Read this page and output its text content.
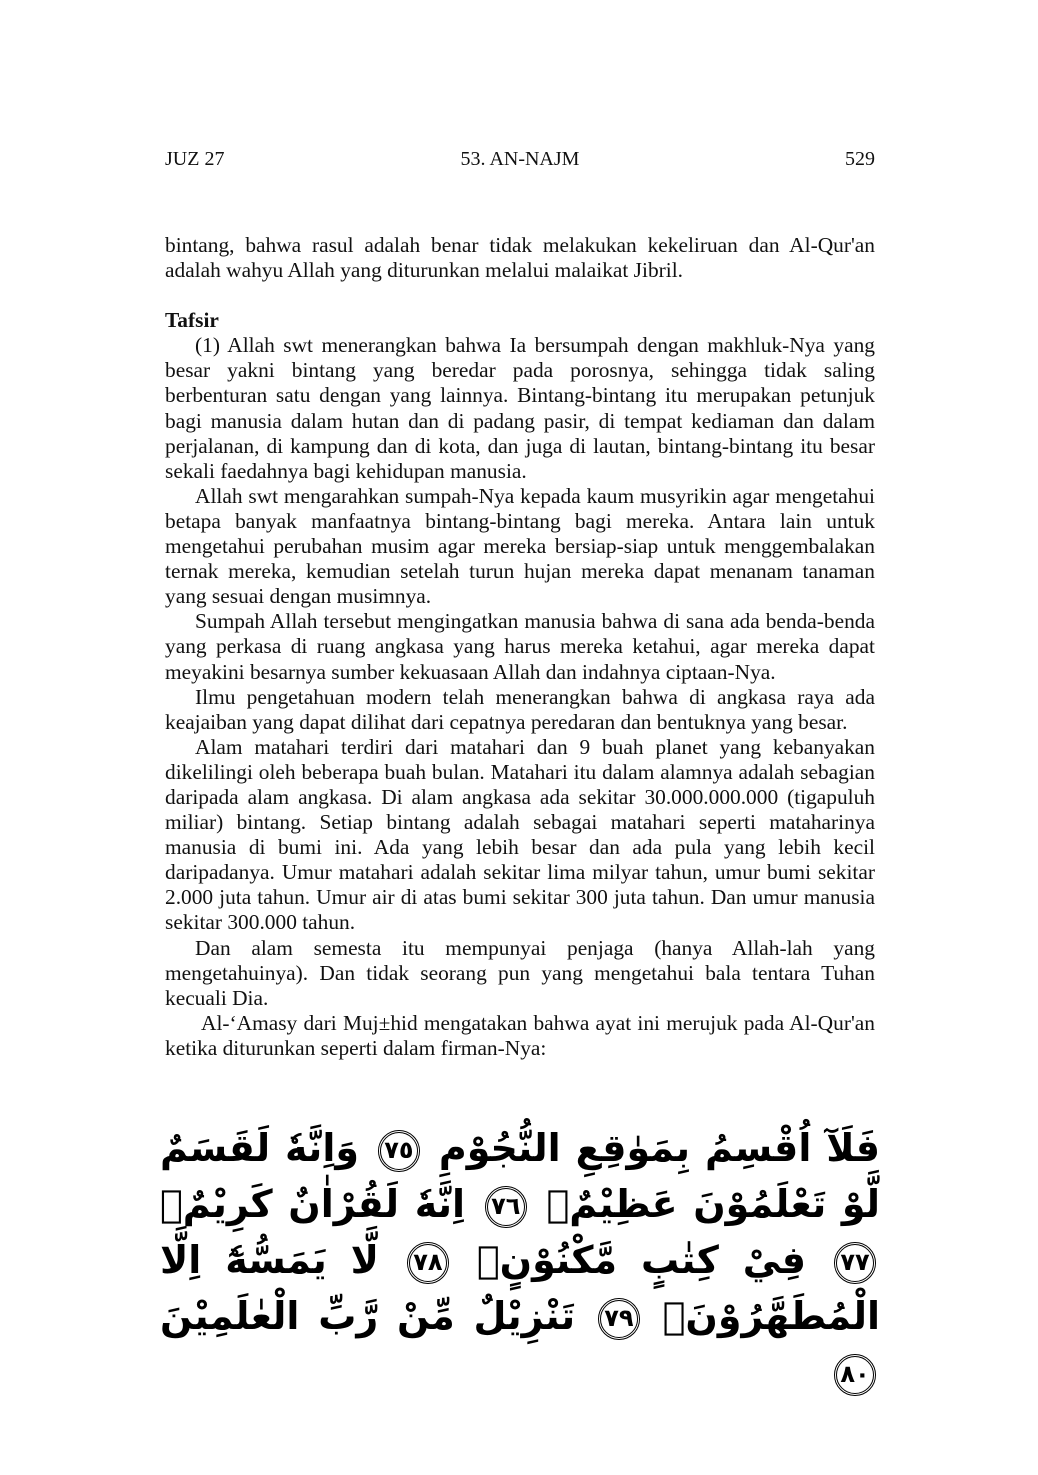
JUZ 27	53. AN-NAJM	529

bintang, bahwa rasul adalah benar tidak melakukan kekeliruan dan Al-Qur'an adalah wahyu Allah yang diturunkan melalui malaikat Jibril.

Tafsir

(1) Allah swt menerangkan bahwa Ia bersumpah dengan makhluk-Nya yang besar yakni bintang yang beredar pada porosnya, sehingga tidak saling berbenturan satu dengan yang lainnya. Bintang-bintang itu merupakan petunjuk bagi manusia dalam hutan dan di padang pasir, di tempat kediaman dan dalam perjalanan, di kampung dan di kota, dan juga di lautan, bintang-bintang itu besar sekali faedahnya bagi kehidupan manusia.

Allah swt mengarahkan sumpah-Nya kepada kaum musyrikin agar mengetahui betapa banyak manfaatnya bintang-bintang bagi mereka. Antara lain untuk mengetahui perubahan musim agar mereka bersiap-siap untuk menggembalakan ternak mereka, kemudian setelah turun hujan mereka dapat menanam tanaman yang sesuai dengan musimnya.

Sumpah Allah tersebut mengingatkan manusia bahwa di sana ada benda-benda yang perkasa di ruang angkasa yang harus mereka ketahui, agar mereka dapat meyakini besarnya sumber kekuasaan Allah dan indahnya ciptaan-Nya.

Ilmu pengetahuan modern telah menerangkan bahwa di angkasa raya ada keajaiban yang dapat dilihat dari cepatnya peredaran dan bentuknya yang besar.

Alam matahari terdiri dari matahari dan 9 buah planet yang kebanyakan dikelilingi oleh beberapa buah bulan. Matahari itu dalam alamnya adalah sebagian daripada alam angkasa. Di alam angkasa ada sekitar 30.000.000.000 (tigapuluh miliar) bintang. Setiap bintang adalah sebagai matahari seperti mataharinya manusia di bumi ini. Ada yang lebih besar dan ada pula yang lebih kecil daripadanya. Umur matahari adalah sekitar lima milyar tahun, umur bumi sekitar 2.000 juta tahun. Umur air di atas bumi sekitar 300 juta tahun. Dan umur manusia sekitar 300.000 tahun.

Dan alam semesta itu mempunyai penjaga (hanya Allah-lah yang mengetahuinya). Dan tidak seorang pun yang mengetahui bala tentara Tuhan kecuali Dia.

Al-‘Amasy dari Muj±hid mengatakan bahwa ayat ini merujuk pada Al-Qur'an ketika diturunkan seperti dalam firman-Nya:

فَلَآ اُقْسِمُ بِمَوٰقِعِ النُّجُوْمِ ٧٥ وَاِنَّهٗ لَقَسَمٌ لَّوْ تَعْلَمُوْنَ عَظِيْمٌۙ ٧٦ اِنَّهٗ لَقُرْاٰنٌ كَرِيْمٌۙ ٧٧ فِيْ كِتٰبٍ مَّكْنُوْنٍۙ ٧٨ لَّا يَمَسُّهٗٓ اِلَّا الْمُطَهَّرُوْنَۗ ٧٩ تَنْزِيْلٌ مِّنْ رَّبِّ الْعٰلَمِيْنَ ٨٠
